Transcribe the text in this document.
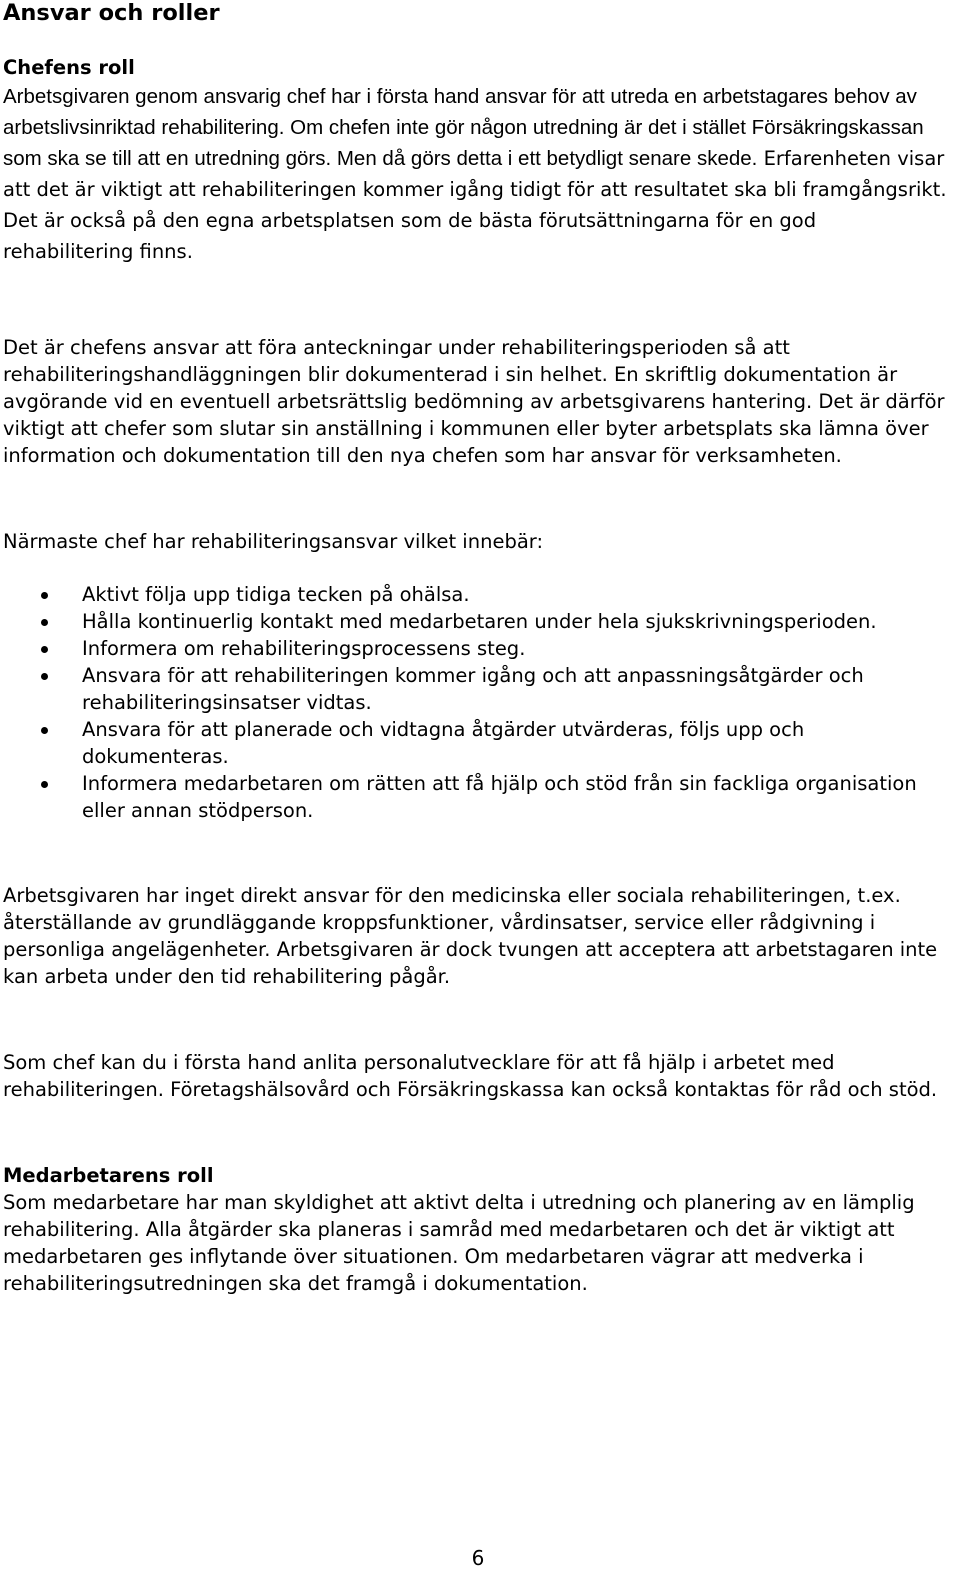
Ansvar och roller
Chefens roll

Arbetsgivaren genom ansvarig chef har i första hand ansvar för att utreda en arbetstagares behov av arbetslivsinriktad rehabilitering. Om chefen inte gör någon utredning är det i stället Försäkringskassan som ska se till att en utredning görs. Men då görs detta i ett betydligt senare skede. Erfarenheten visar att det är viktigt att rehabiliteringen kommer igång tidigt för att resultatet ska bli framgångsrikt. Det är också på den egna arbetsplatsen som de bästa förutsättningarna för en god rehabilitering finns.

Det är chefens ansvar att föra anteckningar under rehabiliteringsperioden så att rehabiliteringshandläggningen blir dokumenterad i sin helhet. En skriftlig dokumentation är avgörande vid en eventuell arbetsrättslig bedömning av arbetsgivarens hantering. Det är därför viktigt att chefer som slutar sin anställning i kommunen eller byter arbetsplats ska lämna över information och dokumentation till den nya chefen som har ansvar för verksamheten.

Närmaste chef har rehabiliteringsansvar vilket innebär:

Aktivt följa upp tidiga tecken på ohälsa.
Hålla kontinuerlig kontakt med medarbetaren under hela sjukskrivningsperioden.
Informera om rehabiliteringsprocessens steg.
Ansvara för att rehabiliteringen kommer igång och att anpassningsåtgärder och rehabiliteringsinsatser vidtas.
Ansvara för att planerade och vidtagna åtgärder utvärderas, följs upp och dokumenteras.
Informera medarbetaren om rätten att få hjälp och stöd från sin fackliga organisation eller annan stödperson.

Arbetsgivaren har inget direkt ansvar för den medicinska eller sociala rehabiliteringen, t.ex. återställande av grundläggande kroppsfunktioner, vårdinsatser, service eller rådgivning i personliga angelägenheter. Arbetsgivaren är dock tvungen att acceptera att arbetstagaren inte kan arbeta under den tid rehabilitering pågår.

Som chef kan du i första hand anlita personalutvecklare för att få hjälp i arbetet med rehabiliteringen. Företagshälsovård och Försäkringskassa kan också kontaktas för råd och stöd.

Medarbetarens roll

Som medarbetare har man skyldighet att aktivt delta i utredning och planering av en lämplig rehabilitering. Alla åtgärder ska planeras i samråd med medarbetaren och det är viktigt att medarbetaren ges inflytande över situationen. Om medarbetaren vägrar att medverka i rehabiliteringsutredningen ska det framgå i dokumentation.

6
